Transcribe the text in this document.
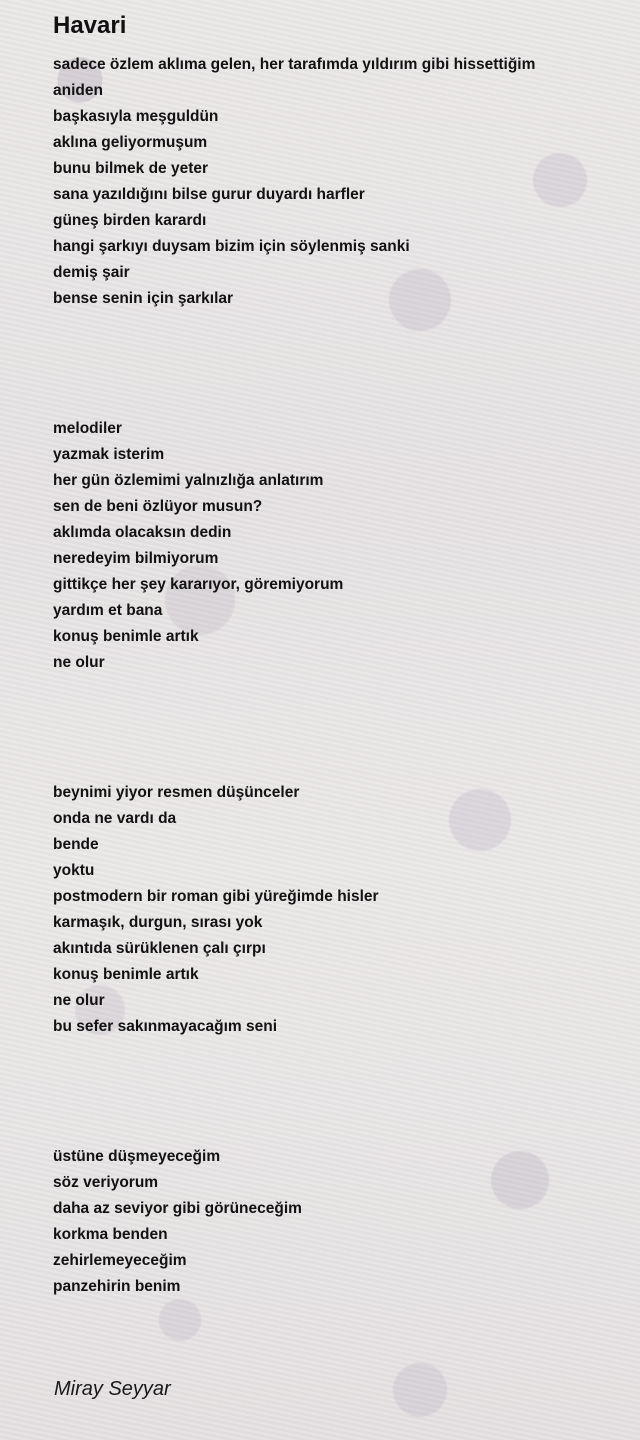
Havari
sadece özlem aklıma gelen, her tarafımda yıldırım gibi hissettiğim
aniden
başkasıyla meşguldün
aklına geliyormuşum
bunu bilmek de yeter
sana yazıldığını bilse gurur duyardı harfler
güneş birden karardı
hangi şarkıyı duysam bizim için söylenmiş sanki
demiş şair
bense senin için şarkılar
melodiler
yazmak isterim
her gün özlemimi yalnızlığa anlatırım
sen de beni özlüyor musun?
aklımda olacaksın dedin
neredeyim bilmiyorum
gittikçe her şey kararıyor, göremiyorum
yardım et bana
konuş benimle artık
ne olur
beynimi yiyor resmen düşünceler
onda ne vardı da
bende
yoktu
postmodern bir roman gibi yüreğimde hisler
karmaşık, durgun, sırası yok
akıntıda sürüklenen çalı çırpı
konuş benimle artık
ne olur
bu sefer sakınmayacağım seni
üstüne düşmeyeceğim
söz veriyorum
daha az seviyor gibi görüneceğim
korkma benden
zehirlemeyeceğim
panzehirin benim
Miray Seyyar
